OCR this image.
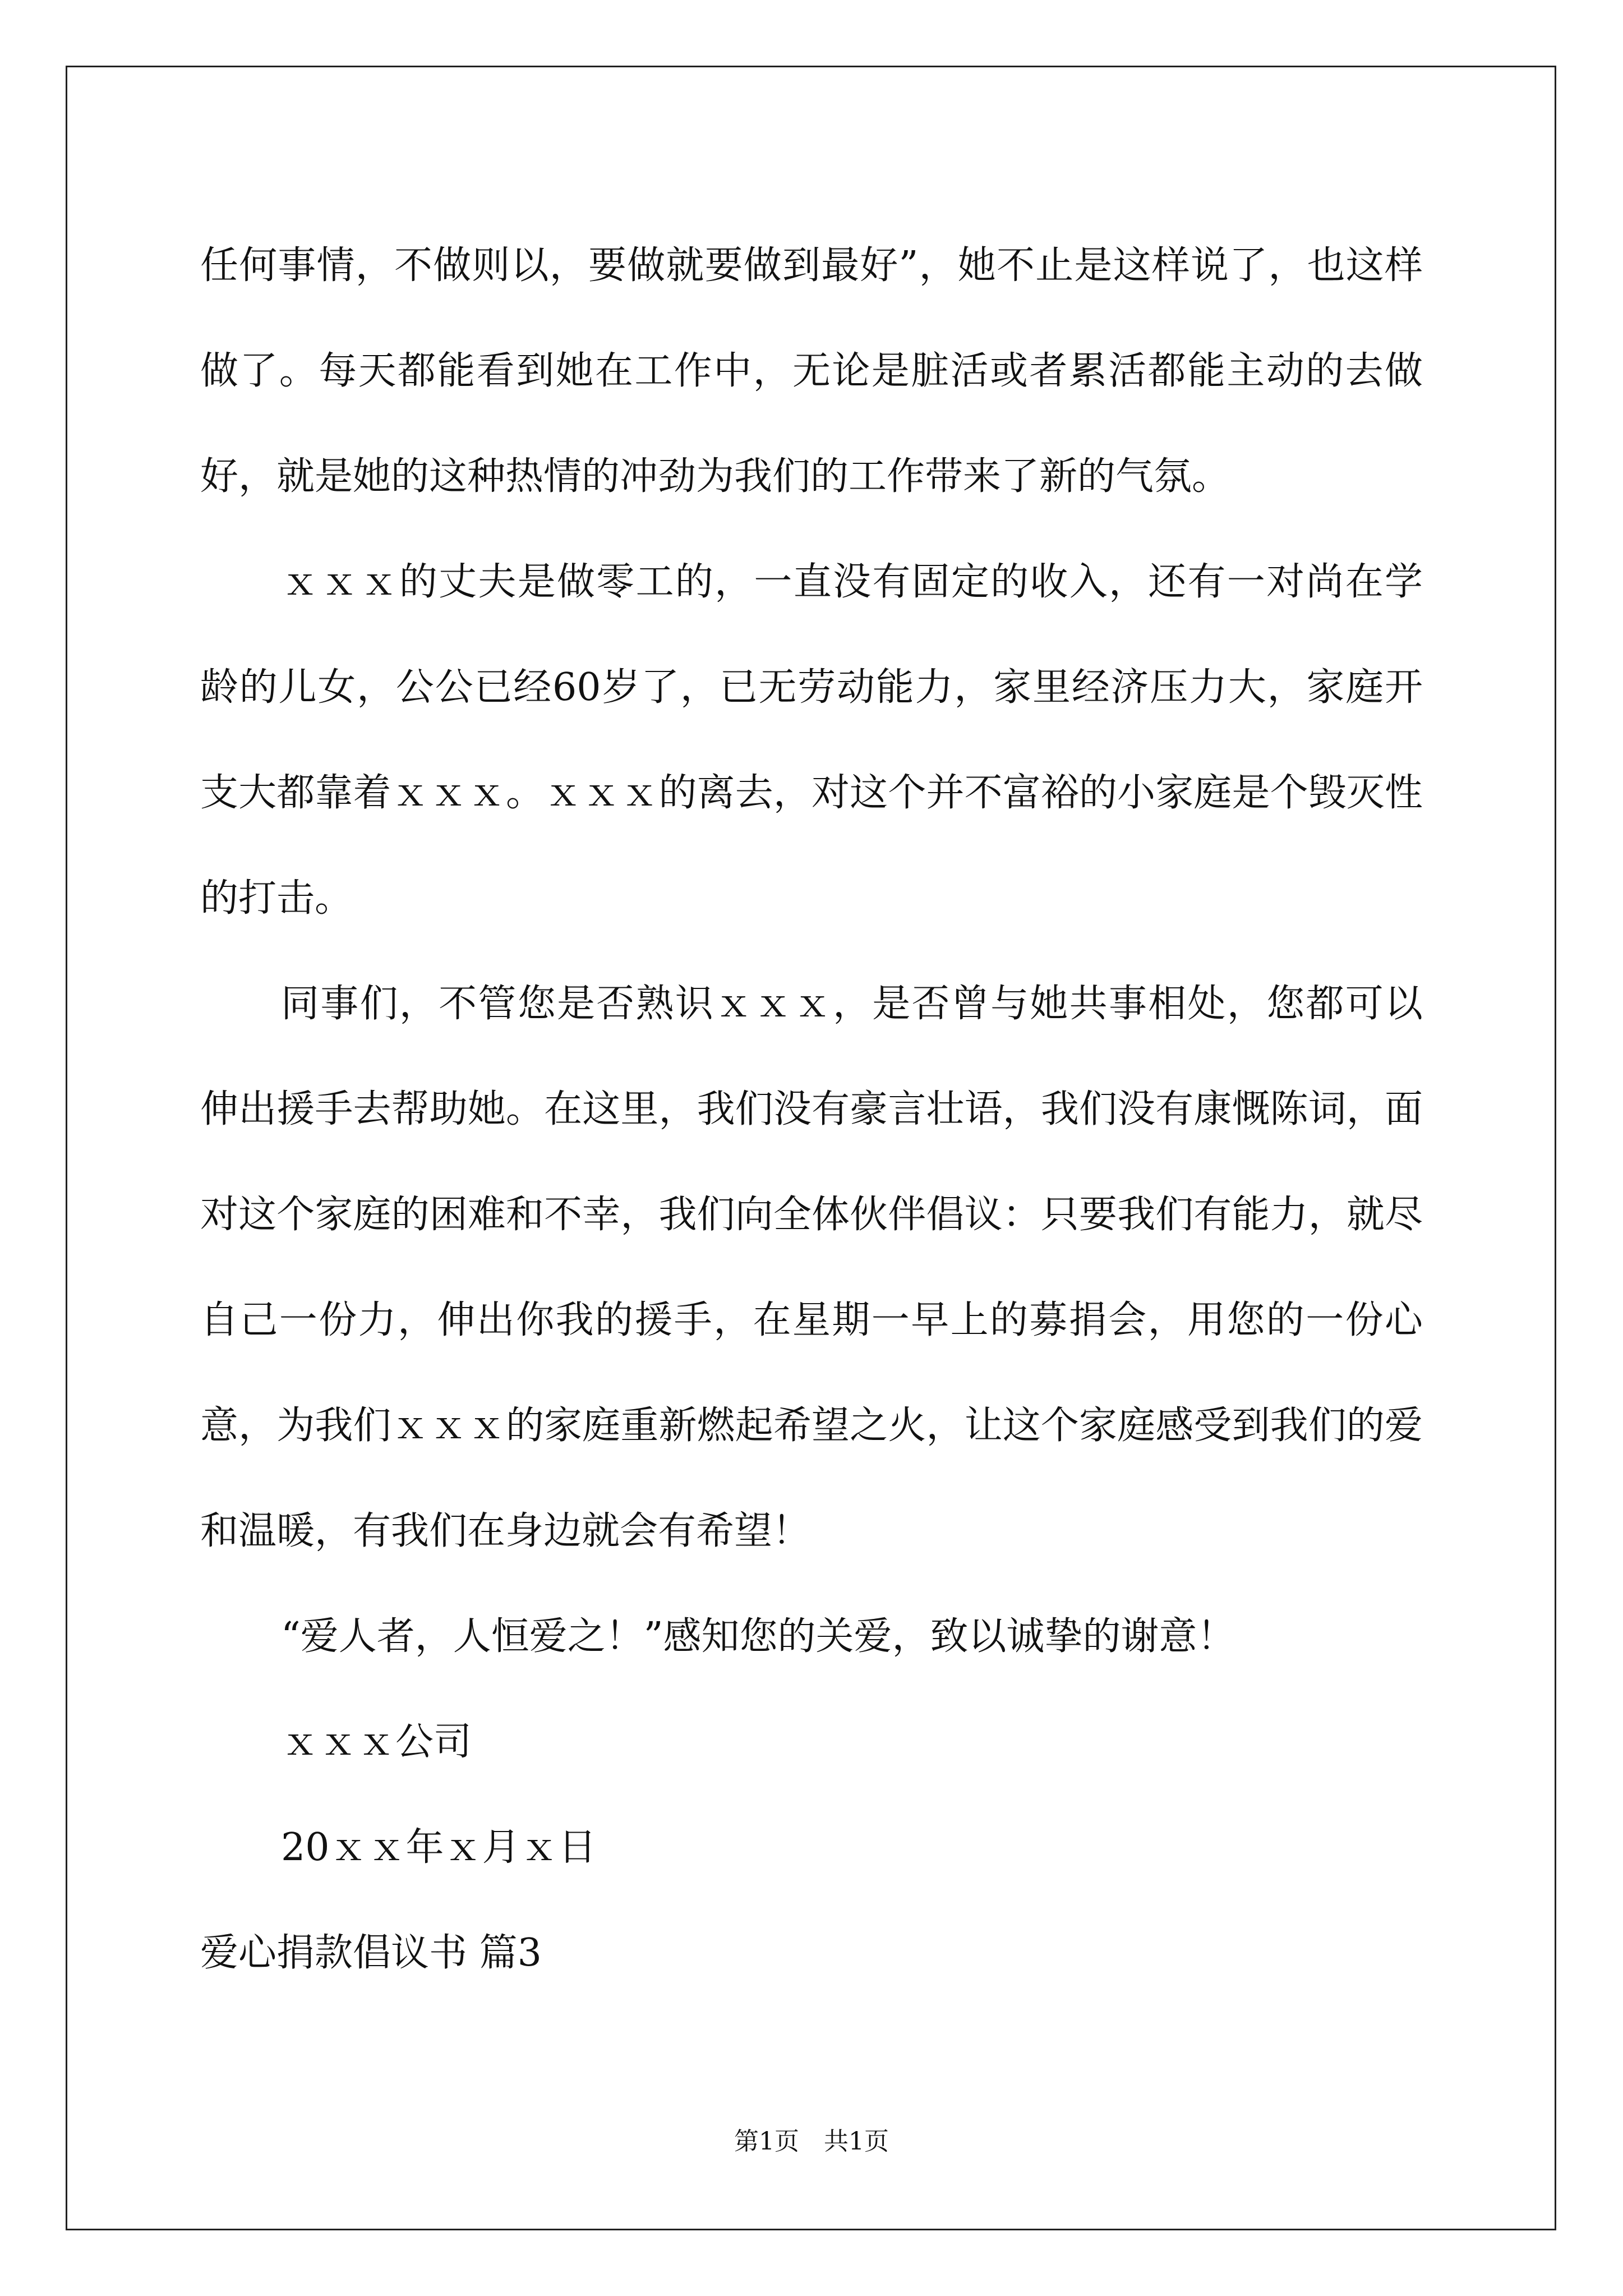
任何事情，不做则以，要做就要做到最好”，她不止是这样说了，也这样做了。每天都能看到她在工作中，无论是脏活或者累活都能主动的去做好，就是她的这种热情的冲劲为我们的工作带来了新的气氛。

ｘｘｘ的丈夫是做零工的，一直没有固定的收入，还有一对尚在学龄的儿女，公公已经60岁了，已无劳动能力，家里经济压力大，家庭开支大都靠着ｘｘｘ。ｘｘｘ的离去，对这个并不富裕的小家庭是个毁灭性的打击。

同事们，不管您是否熟识ｘｘｘ，是否曾与她共事相处，您都可以伸出援手去帮助她。在这里，我们没有豪言壮语，我们没有康慨陈词，面对这个家庭的困难和不幸，我们向全体伙伴倡议：只要我们有能力，就尽自己一份力，伸出你我的援手，在星期一早上的募捐会，用您的一份心意，为我们ｘｘｘ的家庭重新燃起希望之火，让这个家庭感受到我们的爱和温暖，有我们在身边就会有希望！

“爱人者，人恒爱之！”感知您的关爱，致以诚挚的谢意！

ｘｘｘ公司

20ｘｘ年ｘ月ｘ日

爱心捐款倡议书 篇3

第1页　共1页
